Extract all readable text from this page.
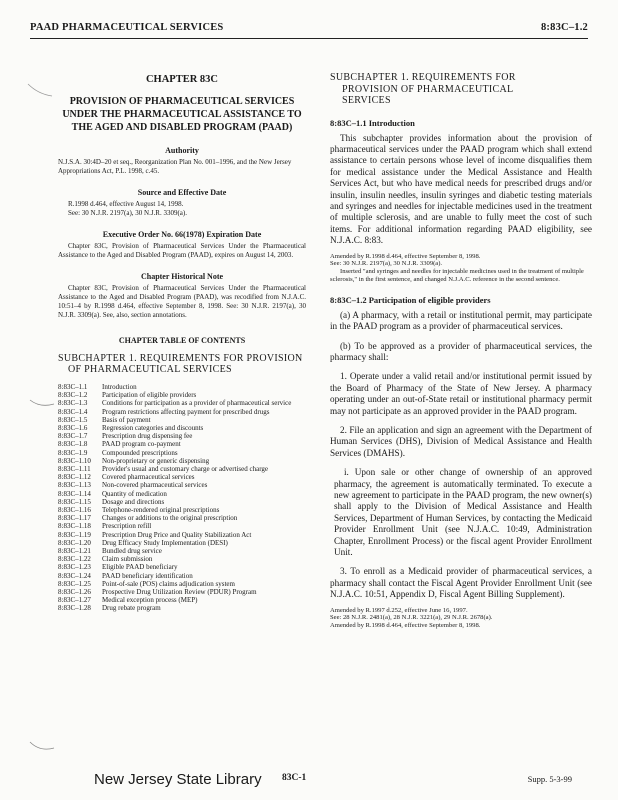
PAAD PHARMACEUTICAL SERVICES	8:83C–1.2
CHAPTER 83C
PROVISION OF PHARMACEUTICAL SERVICES UNDER THE PHARMACEUTICAL ASSISTANCE TO THE AGED AND DISABLED PROGRAM (PAAD)
Authority
N.J.S.A. 30:4D–20 et seq., Reorganization Plan No. 001–1996, and the New Jersey Appropriations Act, P.L. 1998, c.45.
Source and Effective Date
R.1998 d.464, effective August 14, 1998.
See: 30 N.J.R. 2197(a), 30 N.J.R. 3309(a).
Executive Order No. 66(1978) Expiration Date
Chapter 83C, Provision of Pharmaceutical Services Under the Pharmaceutical Assistance to the Aged and Disabled Program (PAAD), expires on August 14, 2003.
Chapter Historical Note
Chapter 83C, Provision of Pharmaceutical Services Under the Pharmaceutical Assistance to the Aged and Disabled Program (PAAD), was recodified from N.J.A.C. 10:51–4 by R.1998 d.464, effective September 8, 1998. See: 30 N.J.R. 2197(a), 30 N.J.R. 3309(a). See, also, section annotations.
CHAPTER TABLE OF CONTENTS
SUBCHAPTER 1. REQUIREMENTS FOR PROVISION
OF PHARMACEUTICAL SERVICES
8:83C–1.1	Introduction
8:83C–1.2	Participation of eligible providers
8:83C–1.3	Conditions for participation as a provider of pharmaceutical service
8:83C–1.4	Program restrictions affecting payment for prescribed drugs
8:83C–1.5	Basis of payment
8:83C–1.6	Regression categories and discounts
8:83C–1.7	Prescription drug dispensing fee
8:83C–1.8	PAAD program co-payment
8:83C–1.9	Compounded prescriptions
8:83C–1.10	Non-proprietary or generic dispensing
8:83C–1.11	Provider's usual and customary charge or advertised charge
8:83C–1.12	Covered pharmaceutical services
8:83C–1.13	Non-covered pharmaceutical services
8:83C–1.14	Quantity of medication
8:83C–1.15	Dosage and directions
8:83C–1.16	Telephone-rendered original prescriptions
8:83C–1.17	Changes or additions to the original prescription
8:83C–1.18	Prescription refill
8:83C–1.19	Prescription Drug Price and Quality Stabilization Act
8:83C–1.20	Drug Efficacy Study Implementation (DESI)
8:83C–1.21	Bundled drug service
8:83C–1.22	Claim submission
8:83C–1.23	Eligible PAAD beneficiary
8:83C–1.24	PAAD beneficiary identification
8:83C–1.25	Point-of-sale (POS) claims adjudication system
8:83C–1.26	Prospective Drug Utilization Review (PDUR) Program
8:83C–1.27	Medical exception process (MEP)
8:83C–1.28	Drug rebate program
SUBCHAPTER 1. REQUIREMENTS FOR
PROVISION OF PHARMACEUTICAL
SERVICES
8:83C–1.1 Introduction
This subchapter provides information about the provision of pharmaceutical services under the PAAD program which shall extend assistance to certain persons whose level of income disqualifies them for medical assistance under the Medical Assistance and Health Services Act, but who have medical needs for prescribed drugs and/or insulin, insulin needles, insulin syringes and diabetic testing materials and syringes and needles for injectable medicines used in the treatment of multiple sclerosis, and are unable to fully meet the cost of such items. For additional information regarding PAAD eligibility, see N.J.A.C. 8:83.
Amended by R.1998 d.464, effective September 8, 1998.
See: 30 N.J.R. 2197(a), 30 N.J.R. 3309(a).
Inserted "and syringes and needles for injectable medicines used in the treatment of multiple sclerosis," in the first sentence, and changed N.J.A.C. reference in the second sentence.
8:83C–1.2 Participation of eligible providers
(a) A pharmacy, with a retail or institutional permit, may participate in the PAAD program as a provider of pharmaceutical services.
(b) To be approved as a provider of pharmaceutical services, the pharmacy shall:
1. Operate under a valid retail and/or institutional permit issued by the Board of Pharmacy of the State of New Jersey. A pharmacy operating under an out-of-State retail or institutional pharmacy permit may not participate as an approved provider in the PAAD program.
2. File an application and sign an agreement with the Department of Human Services (DHS), Division of Medical Assistance and Health Services (DMAHS).
i. Upon sale or other change of ownership of an approved pharmacy, the agreement is automatically terminated. To execute a new agreement to participate in the PAAD program, the new owner(s) shall apply to the Division of Medical Assistance and Health Services, Department of Human Services, by contacting the Medicaid Provider Enrollment Unit (see N.J.A.C. 10:49, Administration Chapter, Enrollment Process) or the fiscal agent Provider Enrollment Unit.
3. To enroll as a Medicaid provider of pharmaceutical services, a pharmacy shall contact the Fiscal Agent Provider Enrollment Unit (see N.J.A.C. 10:51, Appendix D, Fiscal Agent Billing Supplement).
Amended by R.1997 d.252, effective June 16, 1997.
See: 28 N.J.R. 2481(a), 28 N.J.R. 3221(a), 29 N.J.R. 2678(a).
Amended by R.1998 d.464, effective September 8, 1998.
New Jersey State Library 83C-1	Supp. 5-3-99
